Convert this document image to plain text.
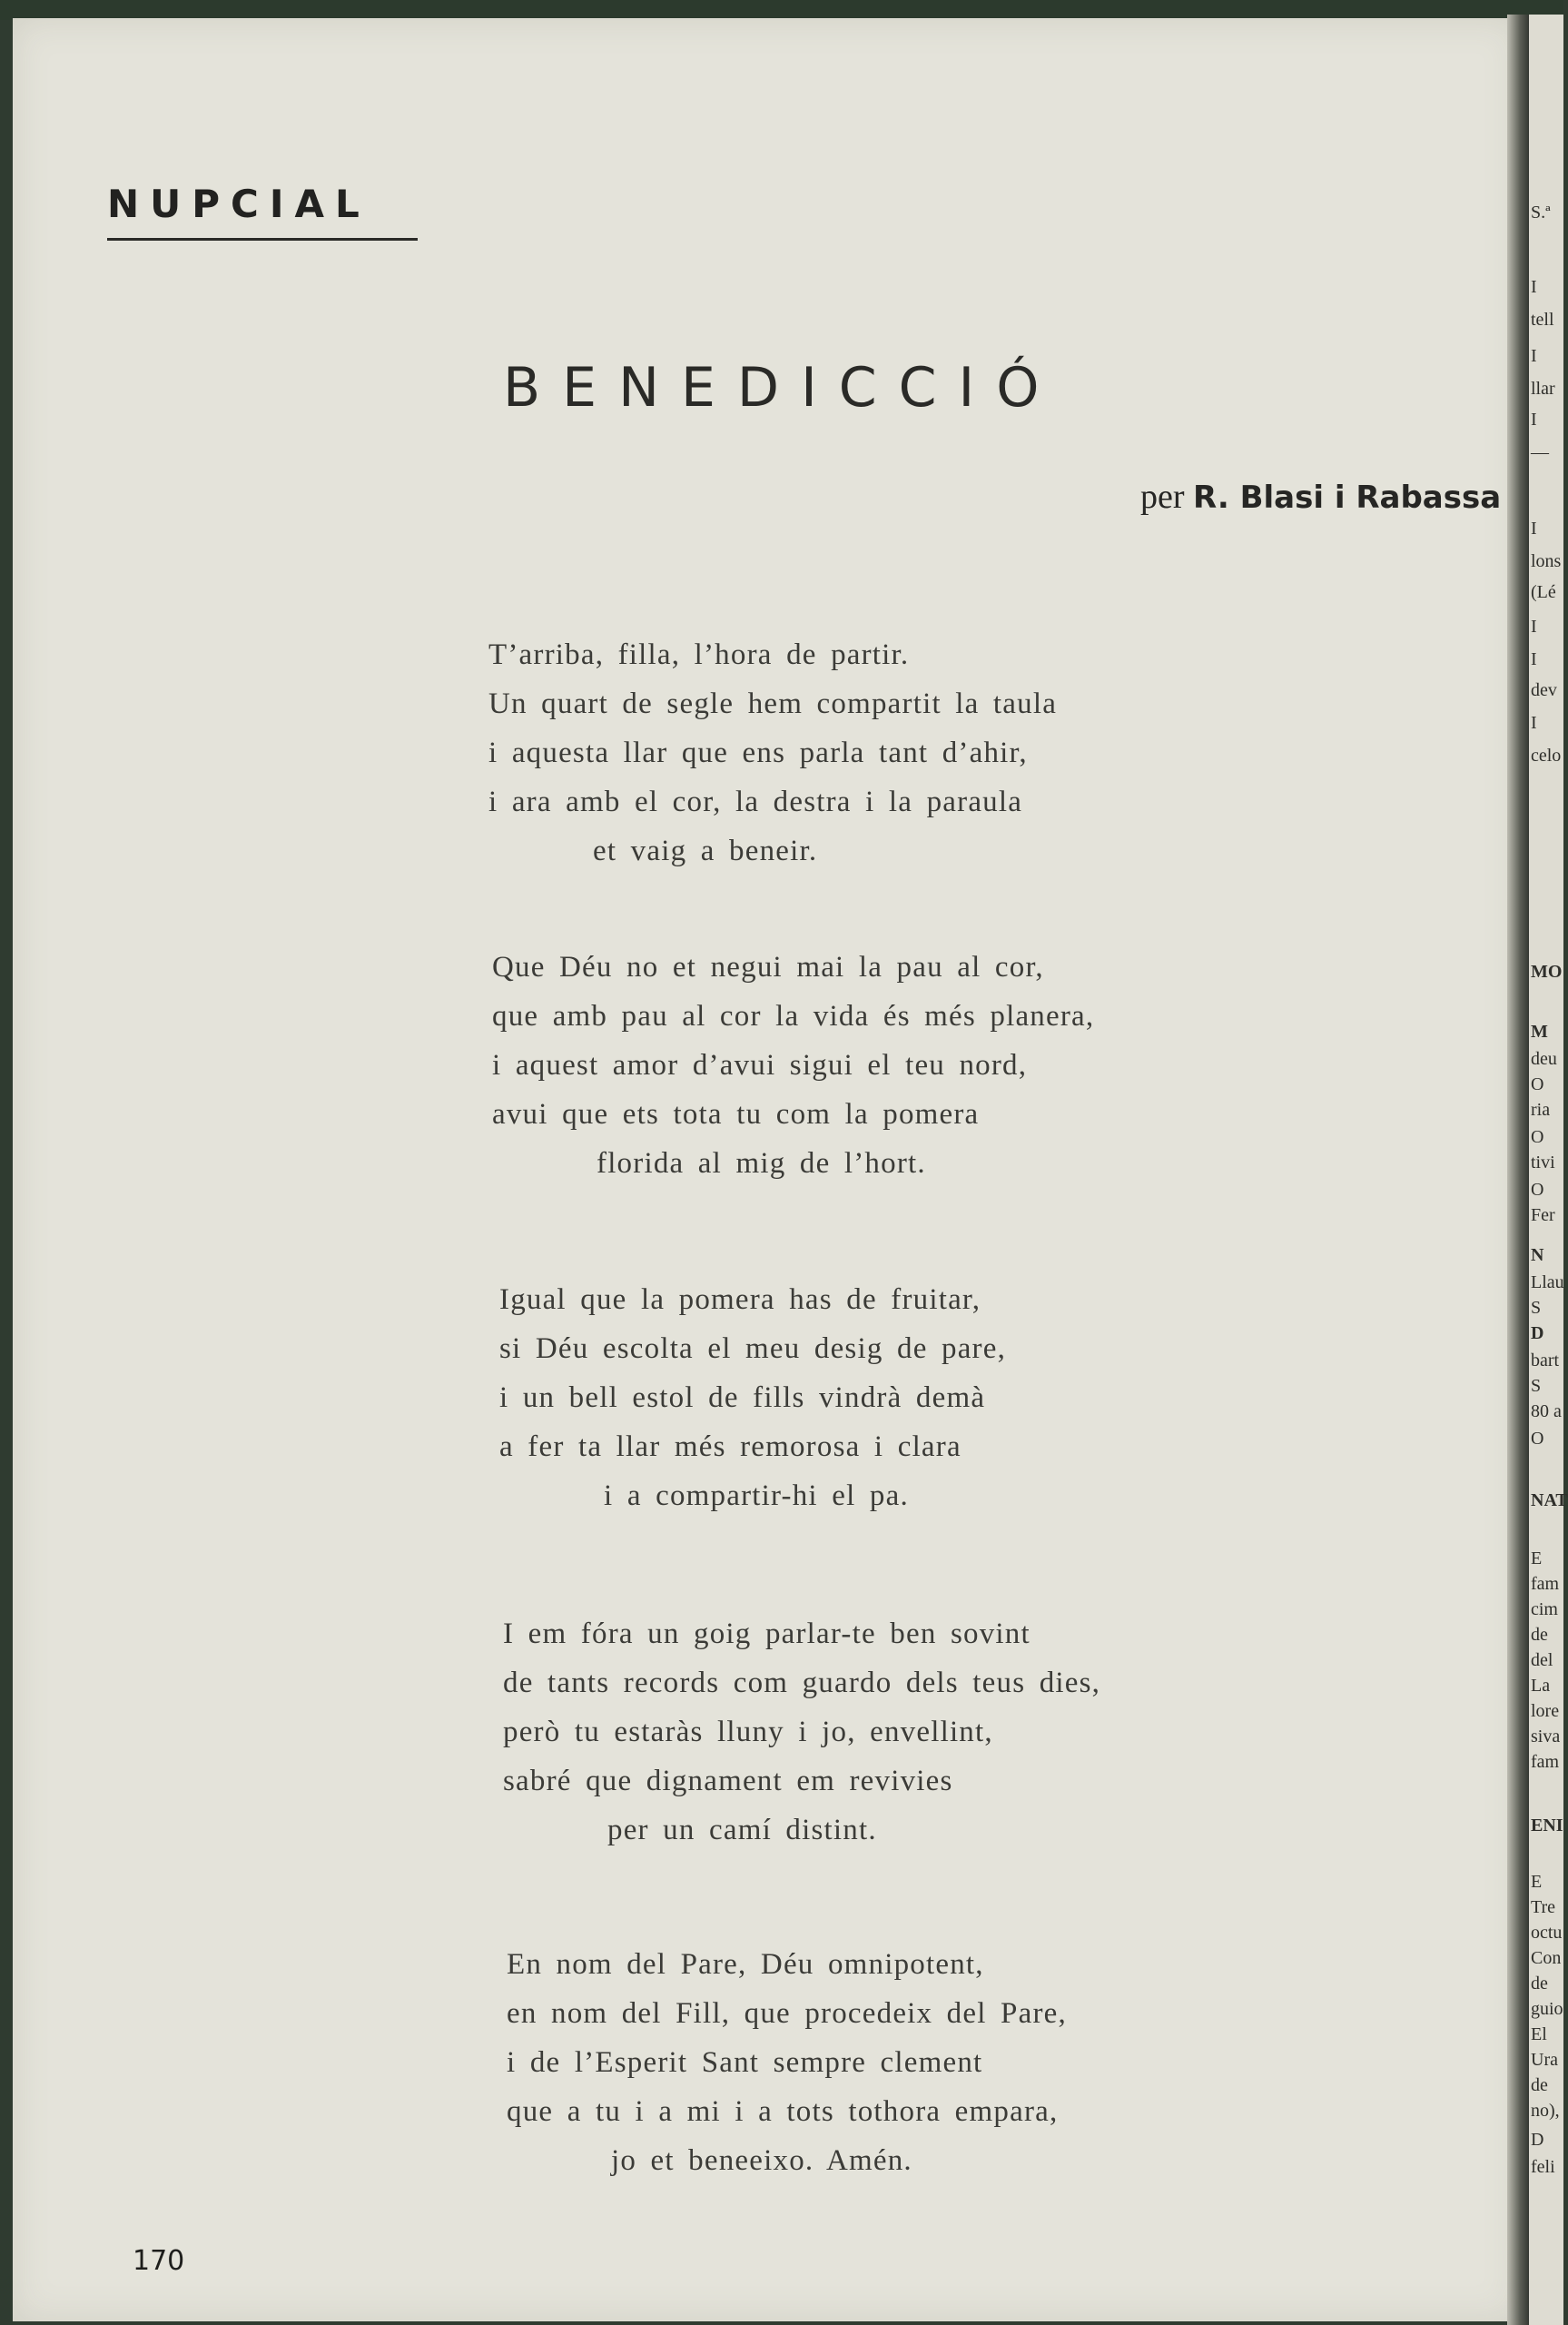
S.ª
I
tell
I
llar
I
—
I
lons
(Lé
I
I
dev
I
celo
MO
M
deu
O
ria
O
tivi
O
Fer
N
Llau
S
D
bart
S
80 a
O
NAT
E
fam
cim
de
del
La
lore
siva
fam
ENI
E
Tre
octu
Con
de
guio
El
Ura
de
no),
D
feli
NUPCIAL
BENEDICCIÓ
per R. Blasi i Rabassa
T’arriba, filla, l’hora de partir.
Un quart de segle hem compartit la taula
i aquesta llar que ens parla tant d’ahir,
i ara amb el cor, la destra i la paraula
et vaig a beneir.
Que Déu no et negui mai la pau al cor,
que amb pau al cor la vida és més planera,
i aquest amor d’avui sigui el teu nord,
avui que ets tota tu com la pomera
florida al mig de l’hort.
Igual que la pomera has de fruitar,
si Déu escolta el meu desig de pare,
i un bell estol de fills vindrà demà
a fer ta llar més remorosa i clara
i a compartir-hi el pa.
I em fóra un goig parlar-te ben sovint
de tants records com guardo dels teus dies,
però tu estaràs lluny i jo, envellint,
sabré que dignament em revivies
per un camí distint.
En nom del Pare, Déu omnipotent,
en nom del Fill, que procedeix del Pare,
i de l’Esperit Sant sempre clement
que a tu i a mi i a tots tothora empara,
jo et beneeixo. Amén.
170
